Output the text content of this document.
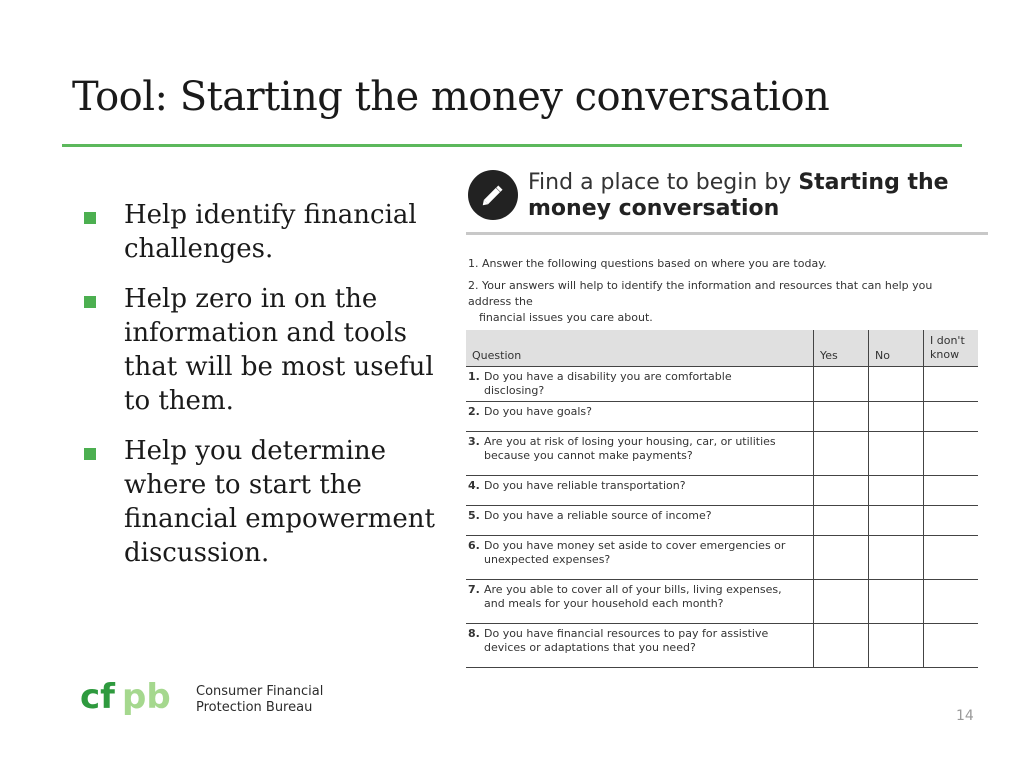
Tool: Starting the money conversation
Help identify financial challenges.
Help zero in on the information and tools that will be most useful to them.
Help you determine where to start the financial empowerment discussion.
Find a place to begin by Starting the
money conversation

1. Answer the following questions based on where you are today.

2. Your answers will help to identify the information and resources that can help you address the
financial issues you care about.

Question	Yes	No	I don't
know
1. Do you have a disability you are comfortable disclosing?			
2. Do you have goals?			
3. Are you at risk of losing your housing, car, or utilities because you cannot make payments?			
4. Do you have reliable transportation?			
5. Do you have a reliable source of income?			
6. Do you have money set aside to cover emergencies or unexpected expenses?			
7. Are you able to cover all of your bills, living expenses, and meals for your household each month?			
8. Do you have financial resources to pay for assistive devices or adaptations that you need?			
cf pb Consumer Financial
Protection Bureau
14
